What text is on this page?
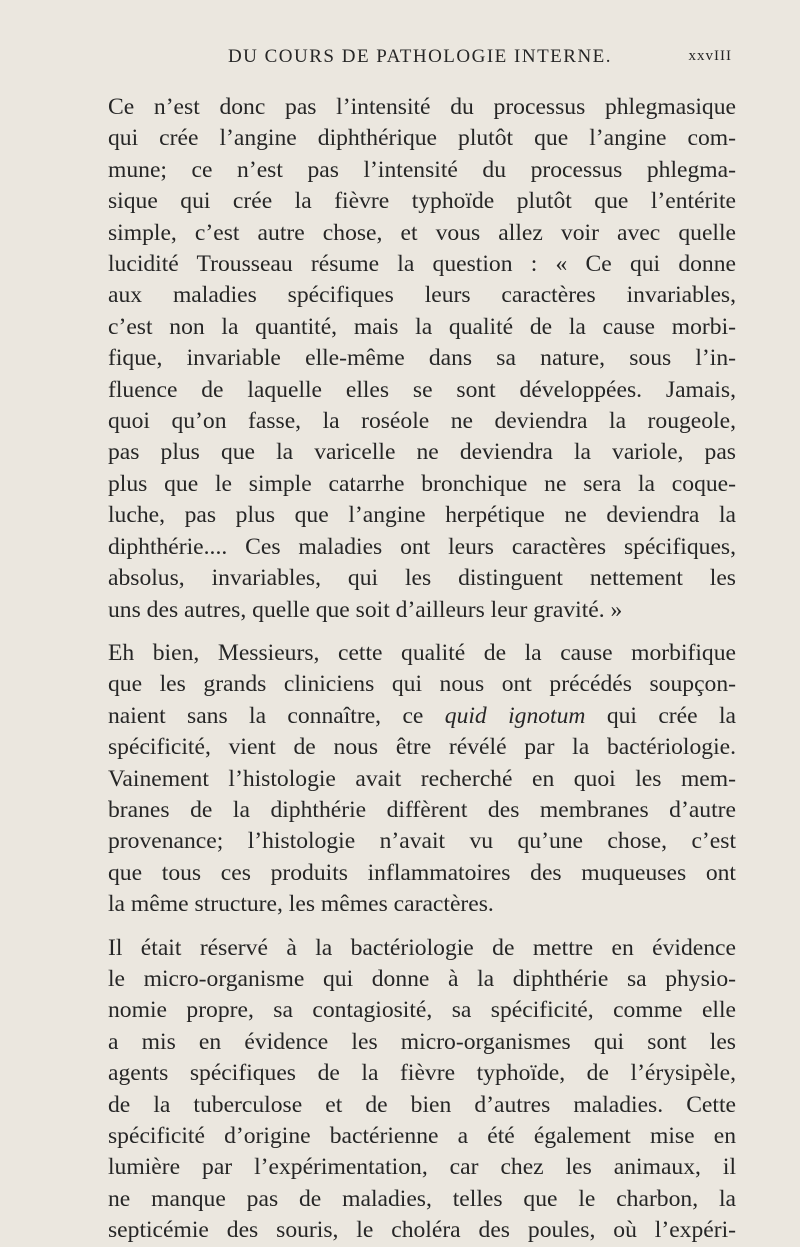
DU COURS DE PATHOLOGIE INTERNE.	xxvIII

Ce n’est donc pas l’intensité du processus phlegmasique
qui crée l’angine diphthérique plutôt que l’angine com-
mune; ce n’est pas l’intensité du processus phlegma-
sique qui crée la fièvre typhoïde plutôt que l’entérite
simple, c’est autre chose, et vous allez voir avec quelle
lucidité Trousseau résume la question : « Ce qui donne
aux maladies spécifiques leurs caractères invariables,
c’est non la quantité, mais la qualité de la cause morbi-
fique, invariable elle-même dans sa nature, sous l’in-
fluence de laquelle elles se sont développées. Jamais,
quoi qu’on fasse, la roséole ne deviendra la rougeole,
pas plus que la varicelle ne deviendra la variole, pas
plus que le simple catarrhe bronchique ne sera la coque-
luche, pas plus que l’angine herpétique ne deviendra la
diphthérie.... Ces maladies ont leurs caractères spécifiques,
absolus, invariables, qui les distinguent nettement les
uns des autres, quelle que soit d’ailleurs leur gravité. »

Eh bien, Messieurs, cette qualité de la cause morbifique
que les grands cliniciens qui nous ont précédés soupçon-
naient sans la connaître, ce quid ignotum qui crée la
spécificité, vient de nous être révélé par la bactériologie.
Vainement l’histologie avait recherché en quoi les mem-
branes de la diphthérie diffèrent des membranes d’autre
provenance; l’histologie n’avait vu qu’une chose, c’est
que tous ces produits inflammatoires des muqueuses ont
la même structure, les mêmes caractères.

Il était réservé à la bactériologie de mettre en évidence
le micro-organisme qui donne à la diphthérie sa physio-
nomie propre, sa contagiosité, sa spécificité, comme elle
a mis en évidence les micro-organismes qui sont les
agents spécifiques de la fièvre typhoïde, de l’érysipèle,
de la tuberculose et de bien d’autres maladies. Cette
spécificité d’origine bactérienne a été également mise en
lumière par l’expérimentation, car chez les animaux, il
ne manque pas de maladies, telles que le charbon, la
septicémie des souris, le choléra des poules, où l’expéri-
